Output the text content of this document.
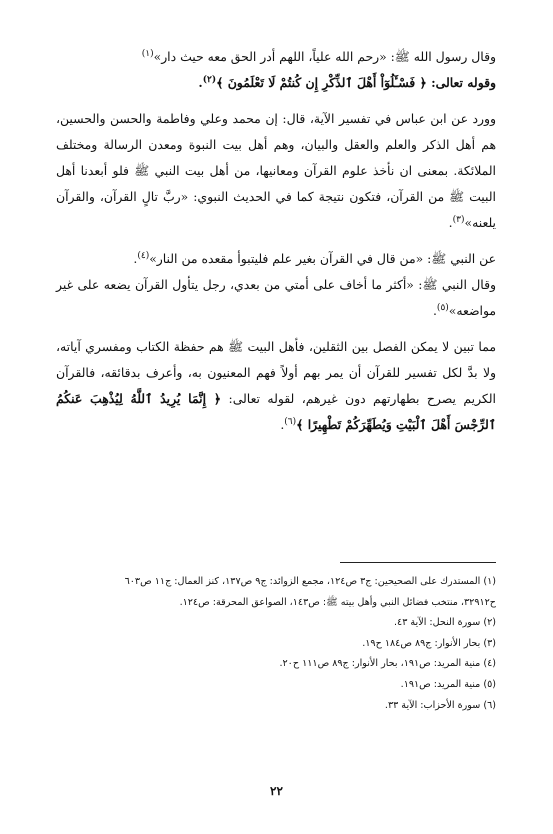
وقال رسول الله ﷺ: «رحم الله علياً، اللهم أدر الحق معه حيث دار»$^{(١)}$

وقوله تعالى: ﴿ فَسْـَٔلُوٓاْ أَهْلَ ٱلذِّكْرِ إِن كُنتُمْ لَا تَعْلَمُونَ ﴾$^{(٢)}$.

وورد عن ابن عباس في تفسير الآية، قال: إن محمد وعلي وفاطمة والحسن والحسين، هم أهل الذكر والعلم والعقل والبيان، وهم أهل بيت النبوة ومعدن الرسالة ومختلف الملائكة. بمعنى ان نأخذ علوم القرآن ومعانيها، من أهل بيت النبي ﷺ فلو أبعدنا أهل البيت ﷺ من القرآن، فتكون نتيجة كما في الحديث النبوي: «ربَّ تالٍ القرآن، والقرآن يلعنه»$^{(٣)}$.

عن النبي ﷺ: «من قال في القرآن بغير علم فليتبوأ مقعده من النار»$^{(٤)}$.

وقال النبي ﷺ: «أكثر ما أخاف على أمتي من بعدي، رجل يتأول القرآن يضعه على غير مواضعه»$^{(٥)}$.

مما تبين لا يمكن الفصل بين الثقلين، فأهل البيت ﷺ هم حفظة الكتاب ومفسري آياته، ولا بدَّ لكل تفسير للقرآن أن يمر بهم أولاً فهم المعنيون به، وأعرف بدقائقه، فالقرآن الكريم يصرح بطهارتهم دون غيرهم، لقوله تعالى: ﴿ إِنَّمَا يُرِيدُ ٱللَّهُ لِيُذْهِبَ عَنكُمُ ٱلرِّجْسَ أَهْلَ ٱلْبَيْتِ وَيُطَهِّرَكُمْ تَطْهِيرًا ﴾$^{(٦)}$.

(١) المستدرك على الصحيحين: ج٣ ص١٢٤، مجمع الزوائد: ج٩ ص١٣٧، كنز العمال: ج١١ ص٦٠٣

ح٣٢٩١٢، منتخب فضائل النبي وأهل بيته ﷺ: ص١٤٣، الصواعق المحرقة: ص١٢٤.

(٢) سورة النحل: الآية ٤٣.

(٣) بحار الأنوار: ج٨٩ ص١٨٤ ح١٩.

(٤) منية المريد: ص١٩١، بحار الأنوار: ج٨٩ ص١١١ ح٢٠.

(٥) منية المريد: ص١٩١.

(٦) سورة الأحزاب: الآية ٣٣.

٢٢
